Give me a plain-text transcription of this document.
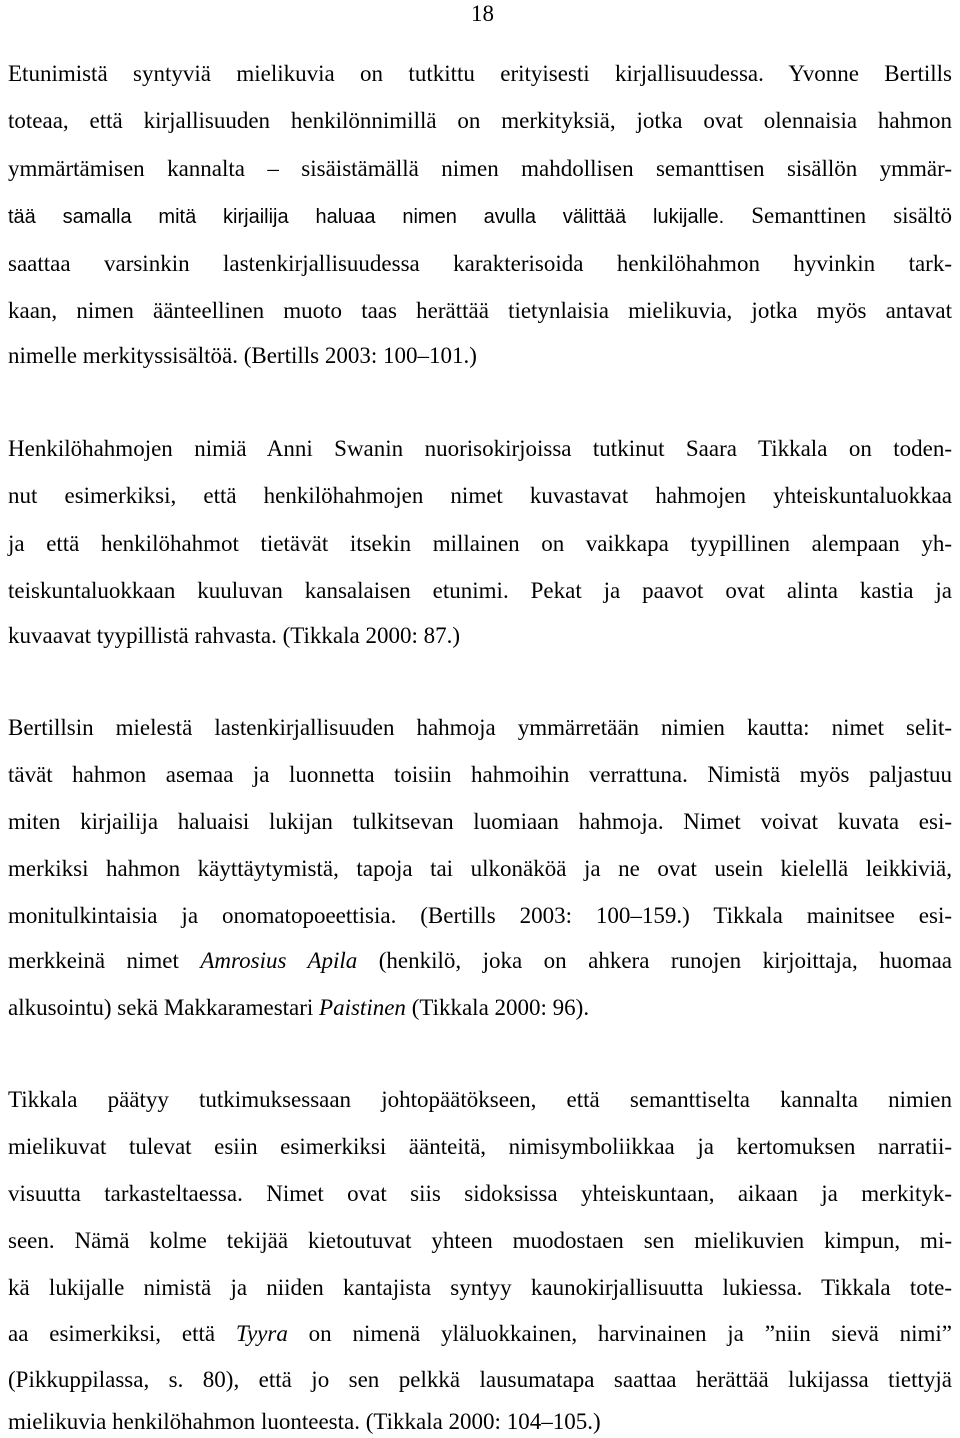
18
Etunimistä syntyviä mielikuvia on tutkittu erityisesti kirjallisuudessa. Yvonne Bertills
toteaa, että kirjallisuuden henkilönnimillä on merkityksiä, jotka ovat olennaisia hahmon
ymmärtämisen kannalta – sisäistämällä nimen mahdollisen semanttisen sisällön ymmär-
tää samalla mitä kirjailija haluaa nimen avulla välittää lukijalle. Semanttinen sisältö
saattaa varsinkin lastenkirjallisuudessa karakterisoida henkilöhahmon hyvinkin tark-
kaan, nimen äänteellinen muoto taas herättää tietynlaisia mielikuvia, jotka myös antavat
nimelle merkityssisältöä. (Bertills 2003: 100–101.)
Henkilöhahmojen nimiä Anni Swanin nuorisokirjoissa tutkinut Saara Tikkala on toden-
nut esimerkiksi, että henkilöhahmojen nimet kuvastavat hahmojen yhteiskuntaluokkaa
ja että henkilöhahmot tietävät itsekin millainen on vaikkapa tyypillinen alempaan yh-
teiskuntaluokkaan kuuluvan kansalaisen etunimi. Pekat ja paavot ovat alinta kastia ja
kuvaavat tyypillistä rahvasta. (Tikkala 2000: 87.)
Bertillsin mielestä lastenkirjallisuuden hahmoja ymmärretään nimien kautta: nimet selit-
tävät hahmon asemaa ja luonnetta toisiin hahmoihin verrattuna. Nimistä myös paljastuu
miten kirjailija haluaisi lukijan tulkitsevan luomiaan hahmoja. Nimet voivat kuvata esi-
merkiksi hahmon käyttäytymistä, tapoja tai ulkonäköä ja ne ovat usein kielellä leikkiviä,
monitulkintaisia ja onomatopoeettisia. (Bertills 2003: 100–159.) Tikkala mainitsee esi-
merkkeinä nimet Amrosius Apila (henkilö, joka on ahkera runojen kirjoittaja, huomaa
alkusointu) sekä Makkaramestari Paistinen (Tikkala 2000: 96).
Tikkala päätyy tutkimuksessaan johtopäätökseen, että semanttiselta kannalta nimien
mielikuvat tulevat esiin esimerkiksi äänteitä, nimisymboliikkaa ja kertomuksen narratii-
visuutta tarkasteltaessa. Nimet ovat siis sidoksissa yhteiskuntaan, aikaan ja merkityk-
seen. Nämä kolme tekijää kietoutuvat yhteen muodostaen sen mielikuvien kimpun, mi-
kä lukijalle nimistä ja niiden kantajista syntyy kaunokirjallisuutta lukiessa. Tikkala tote-
aa esimerkiksi, että Tyyra on nimenä yläluokkainen, harvinainen ja ”niin sievä nimi”
(Pikkuppilassa, s. 80), että jo sen pelkkä lausumatapa saattaa herättää lukijassa tiettyjä
mielikuvia henkilöhahmon luonteesta. (Tikkala 2000: 104–105.)
